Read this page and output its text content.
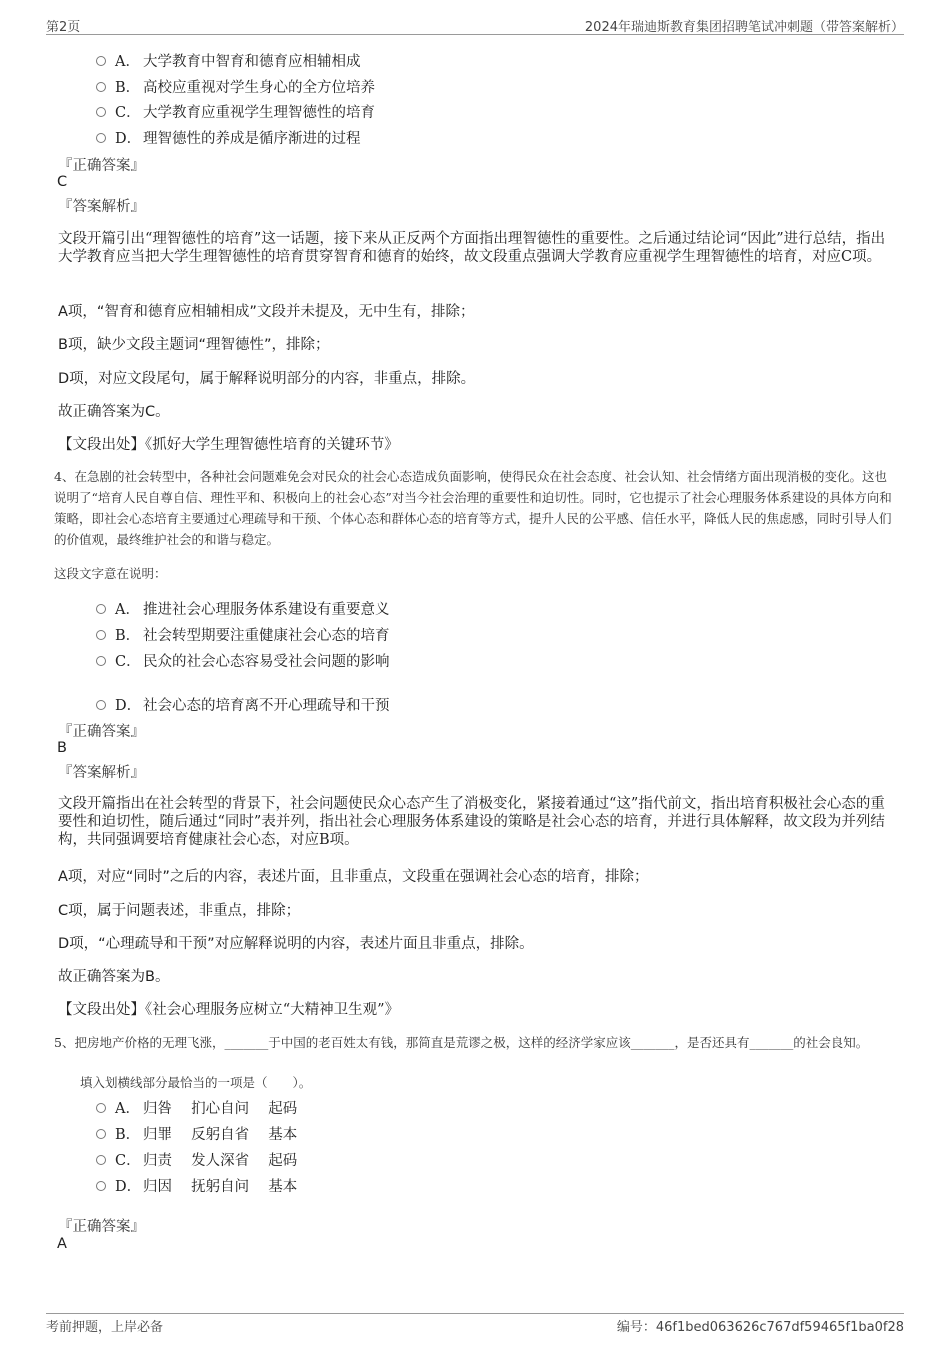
第2页	2024年瑞迪斯教育集团招聘笔试冲刺题（带答案解析）
A． 大学教育中智育和德育应相辅相成
B． 高校应重视对学生身心的全方位培养
C． 大学教育应重视学生理智德性的培育
D． 理智德性的养成是循序渐进的过程
『正确答案』
C
『答案解析』
文段开篇引出“理智德性的培育”这一话题，接下来从正反两个方面指出理智德性的重要性。之后通过结论词“因此”进行总结，指出大学教育应当把大学生理智德性的培育贯穿智育和德育的始终，故文段重点强调大学教育应重视学生理智德性的培育，对应C项。
A项，“智育和德育应相辅相成”文段并未提及，无中生有，排除；
B项，缺少文段主题词“理智德性”，排除；
D项，对应文段尾句，属于解释说明部分的内容，非重点，排除。
故正确答案为C。
【文段出处】《抓好大学生理智德性培育的关键环节》
4、在急剧的社会转型中，各种社会问题难免会对民众的社会心态造成负面影响，使得民众在社会态度、社会认知、社会情绪方面出现消极的变化。这也说明了“培育人民自尊自信、理性平和、积极向上的社会心态”对当今社会治理的重要性和迫切性。同时，它也提示了社会心理服务体系建设的具体方向和策略，即社会心态培育主要通过心理疏导和干预、个体心态和群体心态的培育等方式，提升人民的公平感、信任水平，降低人民的焦虑感，同时引导人们的价值观，最终维护社会的和谐与稳定。
这段文字意在说明：
A． 推进社会心理服务体系建设有重要意义
B． 社会转型期要注重健康社会心态的培育
C． 民众的社会心态容易受社会问题的影响
D． 社会心态的培育离不开心理疏导和干预
『正确答案』
B
『答案解析』
文段开篇指出在社会转型的背景下，社会问题使民众心态产生了消极变化，紧接着通过“这”指代前文，指出培育积极社会心态的重要性和迫切性，随后通过“同时”表并列，指出社会心理服务体系建设的策略是社会心态的培育，并进行具体解释，故文段为并列结构，共同强调要培育健康社会心态，对应B项。
A项，对应“同时”之后的内容，表述片面，且非重点，文段重在强调社会心态的培育，排除；
C项，属于问题表述，非重点，排除；
D项，“心理疏导和干预”对应解释说明的内容，表述片面且非重点，排除。
故正确答案为B。
【文段出处】《社会心理服务应树立“大精神卫生观”》
5、把房地产价格的无理飞涨，_______于中国的老百姓太有钱，那简直是荒谬之极，这样的经济学家应该_______，是否还具有_______的社会良知。
填入划横线部分最恰当的一项是（　　）。
A． 归咎　 扪心自问　 起码
B． 归罪　 反躬自省　 基本
C． 归责　 发人深省　 起码
D． 归因　 抚躬自问　 基本
『正确答案』
A
考前押题，上岸必备	编号：46f1bed063626c767df59465f1ba0f28
